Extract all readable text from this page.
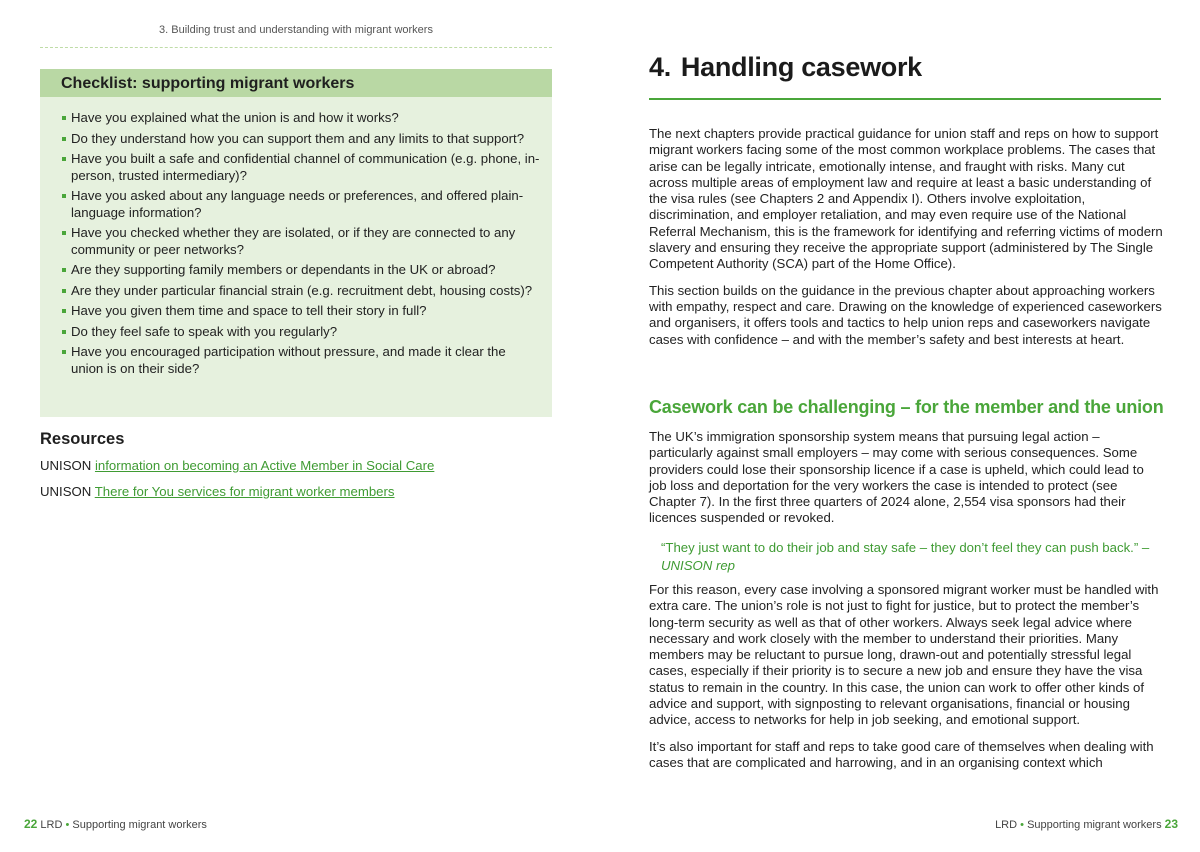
3. Building trust and understanding with migrant workers
Checklist: supporting migrant workers
Have you explained what the union is and how it works?
Do they understand how you can support them and any limits to that support?
Have you built a safe and confidential channel of communication (e.g. phone, in-person, trusted intermediary)?
Have you asked about any language needs or preferences, and offered plain-language information?
Have you checked whether they are isolated, or if they are connected to any community or peer networks?
Are they supporting family members or dependants in the UK or abroad?
Are they under particular financial strain (e.g. recruitment debt, housing costs)?
Have you given them time and space to tell their story in full?
Do they feel safe to speak with you regularly?
Have you encouraged participation without pressure, and made it clear the union is on their side?
Resources
UNISON information on becoming an Active Member in Social Care
UNISON There for You services for migrant worker members
22 LRD • Supporting migrant workers
4. Handling casework

The next chapters provide practical guidance for union staff and reps on how to support migrant workers facing some of the most common workplace problems. The cases that arise can be legally intricate, emotionally intense, and fraught with risks. Many cut across multiple areas of employment law and require at least a basic understanding of the visa rules (see Chapters 2 and Appendix I). Others involve exploitation, discrimination, and employer retaliation, and may even require use of the National Referral Mechanism, this is the framework for identifying and referring victims of modern slavery and ensuring they receive the appropriate support (administered by The Single Competent Authority (SCA) part of the Home Office).

This section builds on the guidance in the previous chapter about approaching workers with empathy, respect and care. Drawing on the knowledge of experienced caseworkers and organisers, it offers tools and tactics to help union reps and caseworkers navigate cases with confidence – and with the member’s safety and best interests at heart.

Casework can be challenging – for the member and the union

The UK’s immigration sponsorship system means that pursuing legal action – particularly against small employers – may come with serious consequences. Some providers could lose their sponsorship licence if a case is upheld, which could lead to job loss and deportation for the very workers the case is intended to protect (see Chapter 7). In the first three quarters of 2024 alone, 2,554 visa sponsors had their licences suspended or revoked.

“They just want to do their job and stay safe – they don’t feel they can push back.” –
UNISON rep

For this reason, every case involving a sponsored migrant worker must be handled with extra care. The union’s role is not just to fight for justice, but to protect the member’s long-term security as well as that of other workers. Always seek legal advice where necessary and work closely with the member to understand their priorities. Many members may be reluctant to pursue long, drawn-out and potentially stressful legal cases, especially if their priority is to secure a new job and ensure they have the visa status to remain in the country. In this case, the union can work to offer other kinds of advice and support, with signposting to relevant organisations, financial or housing advice, access to networks for help in job seeking, and emotional support.

It’s also important for staff and reps to take good care of themselves when dealing with cases that are complicated and harrowing, and in an organising context which

LRD • Supporting migrant workers 23
